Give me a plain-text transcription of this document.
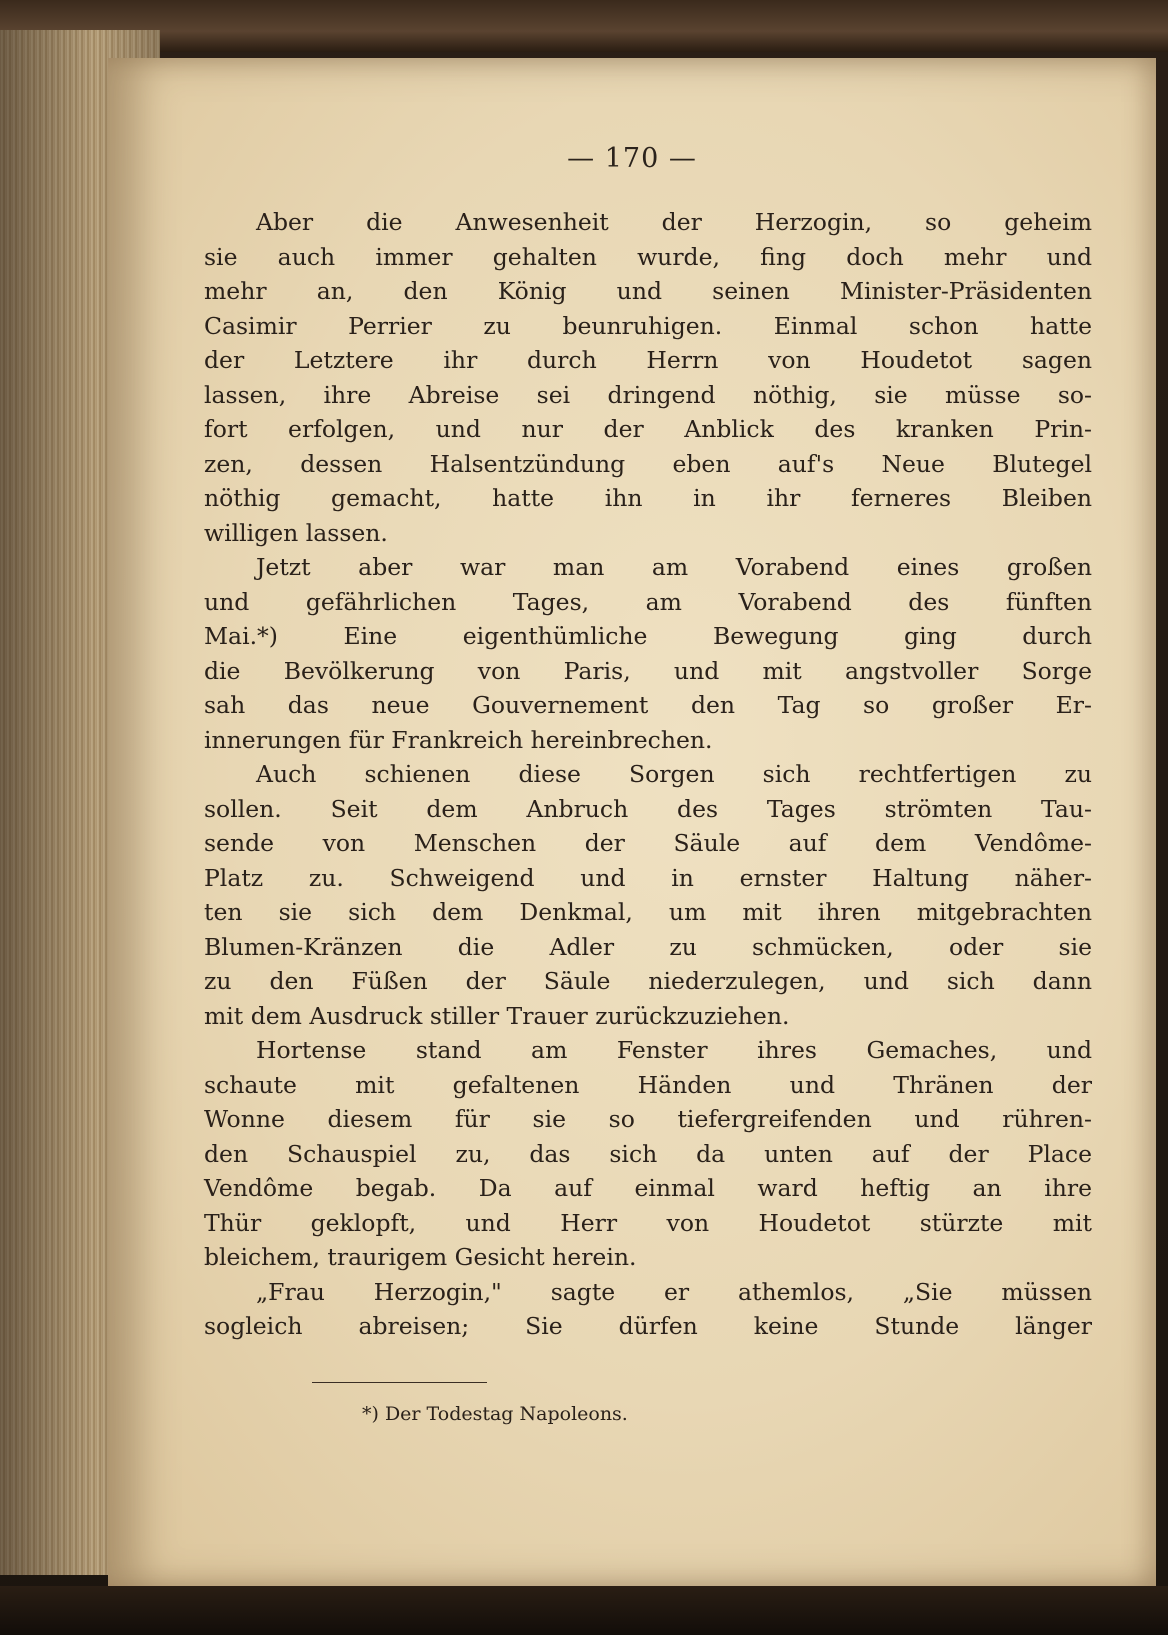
— 170 —
Aber die Anwesenheit der Herzogin, so geheim
sie auch immer gehalten wurde, fing doch mehr und
mehr an, den König und seinen Minister-Präsidenten
Casimir Perrier zu beunruhigen. Einmal schon hatte
der Letztere ihr durch Herrn von Houdetot sagen
lassen, ihre Abreise sei dringend nöthig, sie müsse so-
fort erfolgen, und nur der Anblick des kranken Prin-
zen, dessen Halsentzündung eben auf's Neue Blutegel
nöthig gemacht, hatte ihn in ihr ferneres Bleiben
willigen lassen.
Jetzt aber war man am Vorabend eines großen
und gefährlichen Tages, am Vorabend des fünften
Mai.*) Eine eigenthümliche Bewegung ging durch
die Bevölkerung von Paris, und mit angstvoller Sorge
sah das neue Gouvernement den Tag so großer Er-
innerungen für Frankreich hereinbrechen.
Auch schienen diese Sorgen sich rechtfertigen zu
sollen. Seit dem Anbruch des Tages strömten Tau-
sende von Menschen der Säule auf dem Vendôme-
Platz zu. Schweigend und in ernster Haltung näher-
ten sie sich dem Denkmal, um mit ihren mitgebrachten
Blumen-Kränzen die Adler zu schmücken, oder sie
zu den Füßen der Säule niederzulegen, und sich dann
mit dem Ausdruck stiller Trauer zurückzuziehen.
Hortense stand am Fenster ihres Gemaches, und
schaute mit gefaltenen Händen und Thränen der
Wonne diesem für sie so tiefergreifenden und rühren-
den Schauspiel zu, das sich da unten auf der Place
Vendôme begab. Da auf einmal ward heftig an ihre
Thür geklopft, und Herr von Houdetot stürzte mit
bleichem, traurigem Gesicht herein.
„Frau Herzogin," sagte er athemlos, „Sie müssen
sogleich abreisen; Sie dürfen keine Stunde länger
*) Der Todestag Napoleons.
